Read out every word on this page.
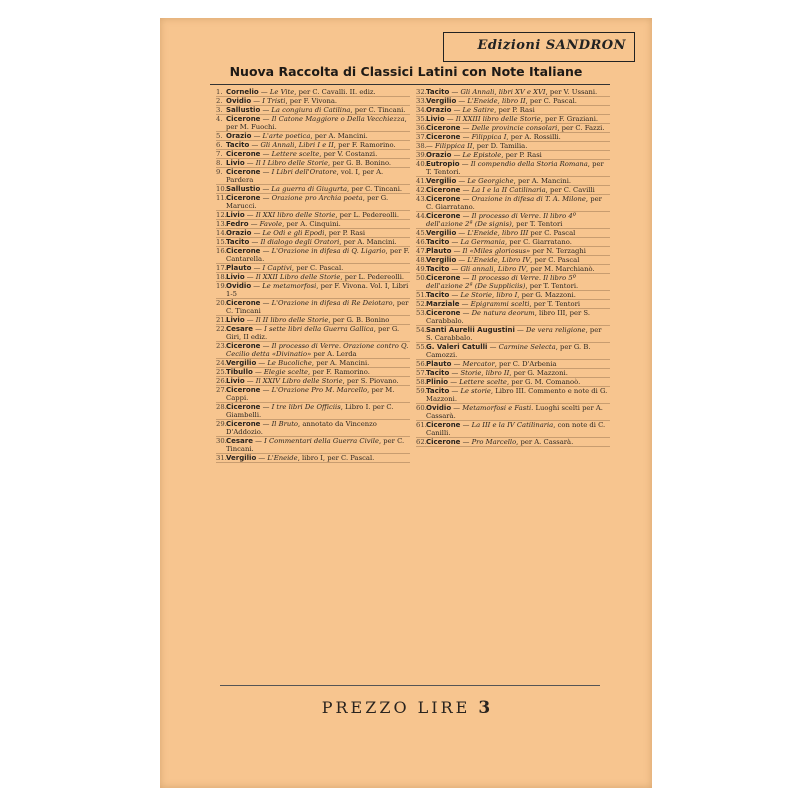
Edizioni SANDRON
Nuova Raccolta di Classici Latini con Note Italiane
1. Cornelio — Le Vite, per C. Cavalli. II. ediz.
2. Ovidio — I Tristi, per F. Vivona.
3. Sallustio — La congiura di Catilina, per C. Tincani.
4. Cicerone — Il Catone Maggiore o Della Vecchiezza, per M. Fuochi.
5. Orazio — L'arte poetica, per A. Mancini.
6. Tacito — Gli Annali, Libri I e II, per F. Ramorino.
7. Cicerone — Lettere scelte, per V. Costanzi.
8. Livio — Il I Libro delle Storie, per G. B. Bonino.
9. Cicerone — I Libri dell'Oratore, vol. I, per A. Pardera
10. Sallustio — La guerra di Giugurta, per C. Tincani.
11. Cicerone — Orazione pro Archia poeta, per G. Marucci.
12. Livio — Il XXI libro delle Storie, per L. Pedereolli.
13. Fedro — Favole, per A. Cinquini.
14. Orazio — Le Odi e gli Epodi, per P. Rasi
15. Tacito — Il dialogo degli Oratori, per A. Mancini.
16. Cicerone — L'Orazione in difesa di Q. Ligario, per F. Cantarella.
17. Plauto — I Captivi, per C. Pascal.
18. Livio — Il XXII Libro delle Storie, per L. Pedereolli.
19. Ovidio — Le metamorfosi, per F. Vivona. Vol. I, Libri 1-5
20. Cicerone — L'Orazione in difesa di Re Deiotaro, per C. Tincani
21. Livio — Il II libro delle Storie, per G. B. Bonino
22. Cesare — I sette libri della Guerra Gallica, per G. Giri, II ediz.
23. Cicerone — Il processo di Verre. Orazione contro Q. Cecilio detta «Divinatio» per A. Lerda
24. Vergilio — Le Bucoliche, per A. Mancini.
25. Tibullo — Elegie scelte, per F. Ramorino.
26. Livio — Il XXIV Libro delle Storie, per S. Piovano.
27. Cicerone — L'Orazione Pro M. Marcello, per M. Cappi.
28. Cicerone — I tre libri De Officiis, Libro I. per C. Giambelli.
29. Cicerone — Il Bruto, annotato da Vincenzo D'Addozio.
30. Cesare — I Commentari della Guerra Civile, per C. Tincani.
31. Vergilio — L'Eneide, libro I, per C. Pascal.
32. Tacito — Gli Annali, libri XV e XVI, per V. Ussani.
33. Vergilio — L'Eneide, libro II, per C. Pascal.
34. Orazio — Le Satire, per P. Rasi
35. Livio — Il XXIII libro delle Storie, per F. Graziani.
36. Cicerone — Delle provincie consolari, per C. Fazzi.
37. Cicerone — Filippica I, per A. Rossilli.
38. — Filippica II, per D. Tamilia.
39. Orazio — Le Epistole, per P. Rasi
40. Eutropio — Il compendio della Storia Romana, per T. Tentori.
41. Vergilio — Le Georgiche, per A. Mancini.
42. Cicerone — La I e la II Catilinaria, per C. Cavilli
43. Cicerone — Orazione in difesa di T. A. Milone, per C. Giarratano.
44. Cicerone — Il processo di Verre. Il libro 4º dell'azione 2ª (De signis), per T. Tentori
45. Vergilio — L'Eneide, libro III per C. Pascal
46. Tacito — La Germania, per C. Giarratano.
47. Plauto — Il «Miles gloriosus» per N. Terzaghi
48. Vergilio — L'Eneide, Libro IV, per C. Pascal
49. Tacito — Gli annali, Libro IV, per M. Marchianò.
50. Cicerone — Il processo di Verre. Il libro 5º dell'azione 2ª (De Suppliciis), per T. Tentori.
51. Tacito — Le Storie, libro I, per G. Mazzoni.
52. Marziale — Epigrammi scelti, per T. Tentori
53. Cicerone — De natura deorum, libro III, per S. Carabbalo.
54. Santi Aurelii Augustini — De vera religione, per S. Carabbalo.
55. G. Valeri Catulli — Carmine Selecta, per G. B. Camozzi.
56. Plauto — Mercator, per C. D'Arbenia
57. Tacito — Storie, libro II, per G. Mazzoni.
58. Plinio — Lettere scelte, per G. M. Comanoò.
59. Tacito — Le storie, Libro III. Commento e note di G. Mazzoni.
60. Ovidio — Metamorfosi e Fasti. Luoghi scelti per A. Cassarà.
61. Cicerone — La III e la IV Catilinaria, con note di C. Canilli.
62. Cicerone — Pro Marcello, per A. Cassarà.
PREZZO LIRE 3
